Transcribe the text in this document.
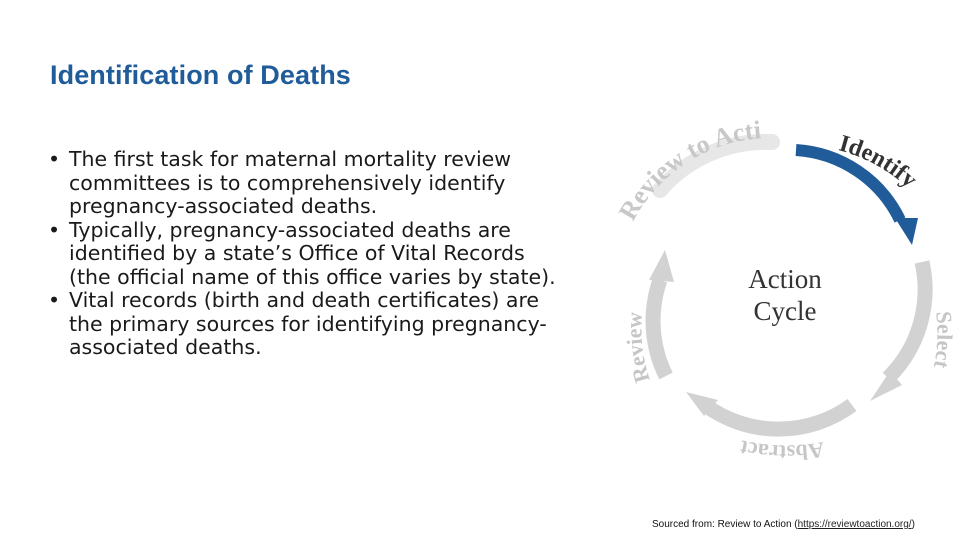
Identification of Deaths
• The first task for maternal mortality review committees is to comprehensively identify pregnancy-associated deaths.
• Typically, pregnancy-associated deaths are identified by a state’s Office of Vital Records (the official name of this office varies by state).
• Vital records (birth and death certificates) are the primary sources for identifying pregnancy-associated deaths.
Review to Acti	Identify
Select
Abstract
Review
Action
Cycle
Sourced from: Review to Action (https://reviewtoaction.org/)
